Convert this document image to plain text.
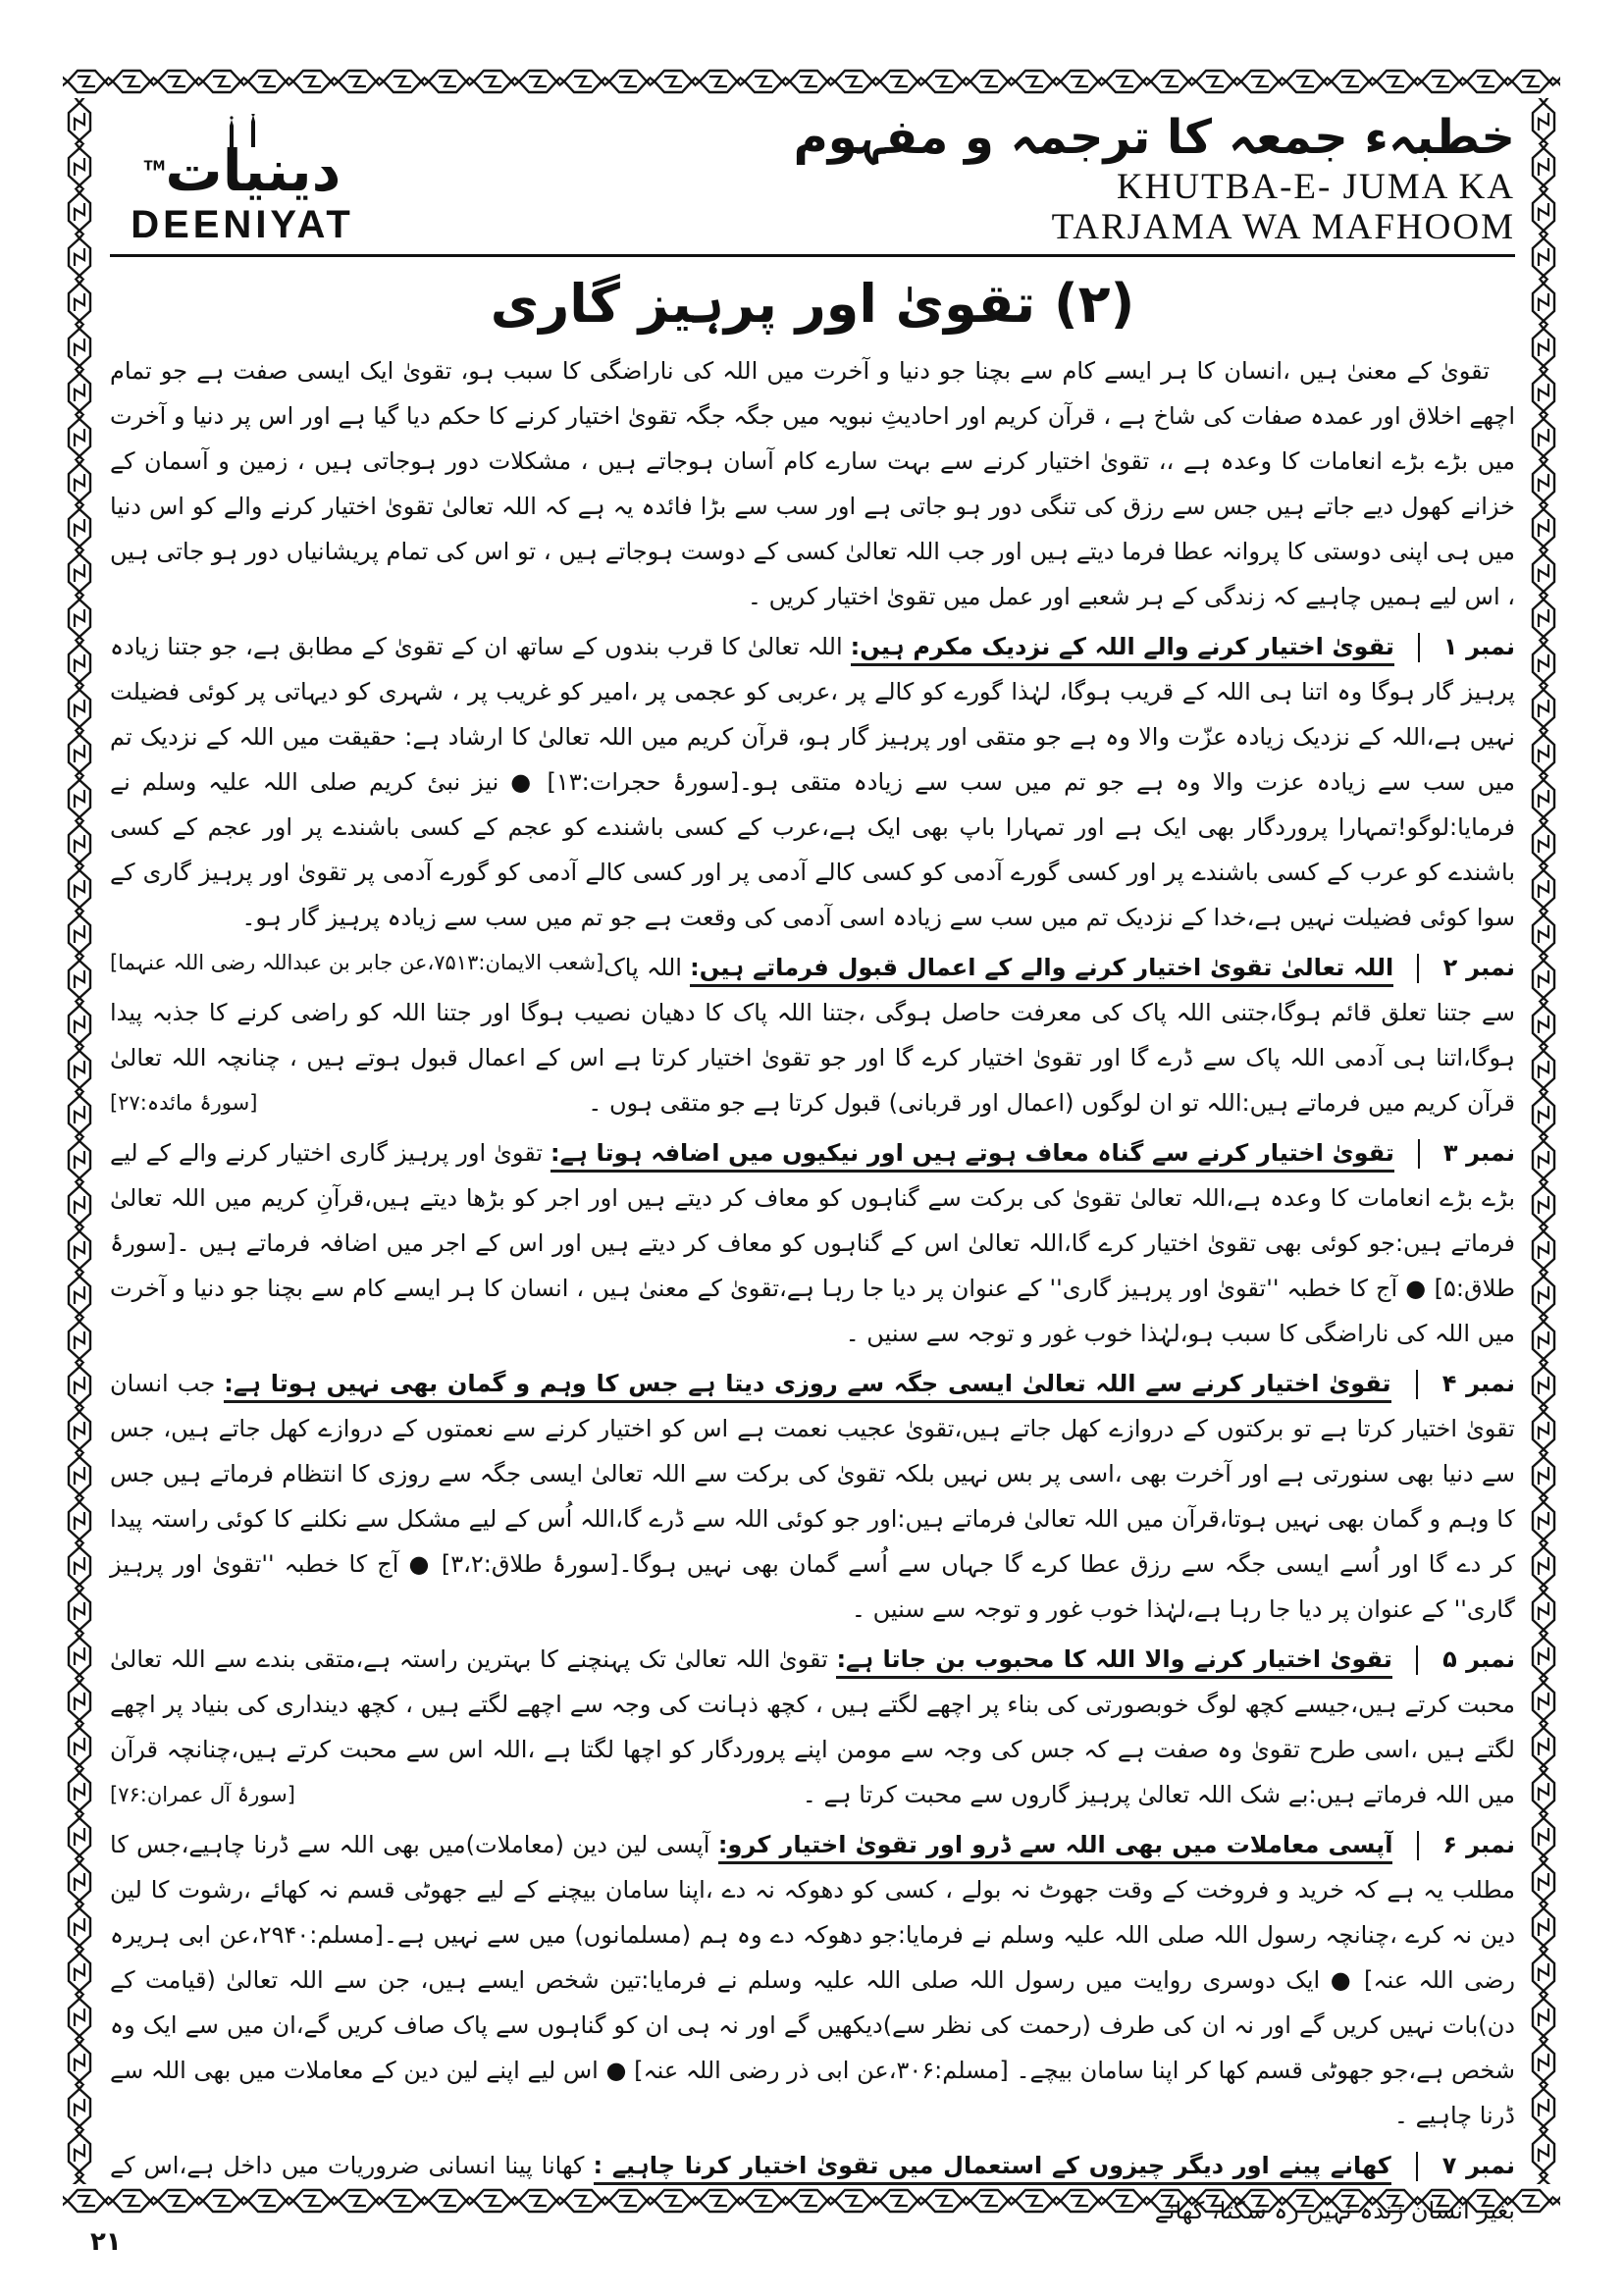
دینیات™
DEENIYAT
خطبہء جمعہ کا ترجمہ و مفہوم
KHUTBA-E- JUMA KA
TARJAMA WA MAFHOOM
(۲) تقویٰ اور پرہیز گاری

تقویٰ کے معنیٰ ہیں ،انسان کا ہر ایسے کام سے بچنا جو دنیا و آخرت میں اللہ کی ناراضگی کا سبب ہو، تقویٰ ایک ایسی صفت ہے جو تمام اچھے اخلاق اور عمدہ صفات کی شاخ ہے ، قرآن کریم اور احادیثِ نبویہ میں جگہ جگہ تقویٰ اختیار کرنے کا حکم دیا گیا ہے اور اس پر دنیا و آخرت میں بڑے بڑے انعامات کا وعدہ ہے ،، تقویٰ اختیار کرنے سے بہت سارے کام آسان ہوجاتے ہیں ، مشکلات دور ہوجاتی ہیں ، زمین و آسمان کے خزانے کھول دیے جاتے ہیں جس سے رزق کی تنگی دور ہو جاتی ہے اور سب سے بڑا فائدہ یہ ہے کہ اللہ تعالیٰ تقویٰ اختیار کرنے والے کو اس دنیا میں ہی اپنی دوستی کا پروانہ عطا فرما دیتے ہیں اور جب اللہ تعالیٰ کسی کے دوست ہوجاتے ہیں ، تو اس کی تمام پریشانیاں دور ہو جاتی ہیں ، اس لیے ہمیں چاہیے کہ زندگی کے ہر شعبے اور عمل میں تقویٰ اختیار کریں ۔

نمبر ۱  تقویٰ اختیار کرنے والے اللہ کے نزدیک مکرم ہیں: اللہ تعالیٰ کا قرب بندوں کے ساتھ ان کے تقویٰ کے مطابق ہے، جو جتنا زیادہ پرہیز گار ہوگا وہ اتنا ہی اللہ کے قریب ہوگا، لہٰذا گورے کو کالے پر ،عربی کو عجمی پر ،امیر کو غریب پر ، شہری کو دیہاتی پر کوئی فضیلت نہیں ہے،اللہ کے نزدیک زیادہ عزّت والا وہ ہے جو متقی اور پرہیز گار ہو، قرآن کریم میں اللہ تعالیٰ کا ارشاد ہے: حقیقت میں اللہ کے نزدیک تم میں سب سے زیادہ عزت والا وہ ہے جو تم میں سب سے زیادہ متقی ہو۔[سورۂ حجرات:۱۳] ● نیز نبیٔ کریم صلی اللہ علیہ وسلم نے فرمایا:لوگو!تمہارا پروردگار بھی ایک ہے اور تمہارا باپ بھی ایک ہے،عرب کے کسی باشندے کو عجم کے کسی باشندے پر اور عجم کے کسی باشندے کو عرب کے کسی باشندے پر اور کسی گورے آدمی کو کسی کالے آدمی پر اور کسی کالے آدمی کو گورے آدمی پر تقویٰ اور پرہیز گاری کے سوا کوئی فضیلت نہیں ہے،خدا کے نزدیک تم میں سب سے زیادہ اسی آدمی کی وقعت ہے جو تم میں سب سے زیادہ پرہیز گار ہو۔
[شعب الایمان:۷۵۱۳،عن جابر بن عبداللہ رضی اللہ عنہما]	نمبر ۲  اللہ تعالیٰ تقویٰ اختیار کرنے والے کے اعمال قبول فرماتے ہیں: اللہ پاک سے جتنا تعلق قائم ہوگا،جتنی اللہ پاک کی معرفت حاصل ہوگی ،جتنا اللہ پاک کا دھیان نصیب ہوگا اور جتنا اللہ کو راضی کرنے کا جذبہ پیدا ہوگا،اتنا ہی آدمی اللہ پاک سے ڈرے گا اور تقویٰ اختیار کرے گا اور جو تقویٰ اختیار کرتا ہے اس کے اعمال قبول ہوتے ہیں ، چنانچہ اللہ تعالیٰ قرآن کریم میں فرماتے ہیں:اللہ تو ان لوگوں (اعمال اور قربانی) قبول کرتا ہے جو متقی ہوں ۔
[سورۂ مائدہ:۲۷]

نمبر ۳  تقویٰ اختیار کرنے سے گناہ معاف ہوتے ہیں اور نیکیوں میں اضافہ ہوتا ہے: تقویٰ اور پرہیز گاری اختیار کرنے والے کے لیے بڑے بڑے انعامات کا وعدہ ہے،اللہ تعالیٰ تقویٰ کی برکت سے گناہوں کو معاف کر دیتے ہیں اور اجر کو بڑھا دیتے ہیں،قرآنِ کریم میں اللہ تعالیٰ فرماتے ہیں:جو کوئی بھی تقویٰ اختیار کرے گا،اللہ تعالیٰ اس کے گناہوں کو معاف کر دیتے ہیں اور اس کے اجر میں اضافہ فرماتے ہیں ۔[سورۂ طلاق:۵] ● آج کا خطبہ ''تقویٰ اور پرہیز گاری'' کے عنوان پر دیا جا رہا ہے،تقویٰ کے معنیٰ ہیں ، انسان کا ہر ایسے کام سے بچنا جو دنیا و آخرت میں اللہ کی ناراضگی کا سبب ہو،لہٰذا خوب غور و توجہ سے سنیں ۔

نمبر ۴  تقویٰ اختیار کرنے سے اللہ تعالیٰ ایسی جگہ سے روزی دیتا ہے جس کا وہم و گمان بھی نہیں ہوتا ہے: جب انسان تقویٰ اختیار کرتا ہے تو برکتوں کے دروازے کھل جاتے ہیں،تقویٰ عجیب نعمت ہے اس کو اختیار کرنے سے نعمتوں کے دروازے کھل جاتے ہیں، جس سے دنیا بھی سنورتی ہے اور آخرت بھی ،اسی پر بس نہیں بلکہ تقویٰ کی برکت سے اللہ تعالیٰ ایسی جگہ سے روزی کا انتظام فرماتے ہیں جس کا وہم و گمان بھی نہیں ہوتا،قرآن میں اللہ تعالیٰ فرماتے ہیں:اور جو کوئی اللہ سے ڈرے گا،اللہ اُس کے لیے مشکل سے نکلنے کا کوئی راستہ پیدا کر دے گا اور اُسے ایسی جگہ سے رزق عطا کرے گا جہاں سے اُسے گمان بھی نہیں ہوگا۔[سورۂ طلاق:۳،۲] ● آج کا خطبہ ''تقویٰ اور پرہیز گاری'' کے عنوان پر دیا جا رہا ہے،لہٰذا خوب غور و توجہ سے سنیں ۔

نمبر ۵  تقویٰ اختیار کرنے والا اللہ کا محبوب بن جاتا ہے: تقویٰ اللہ تعالیٰ تک پہنچنے کا بہترین راستہ ہے،متقی بندے سے اللہ تعالیٰ محبت کرتے ہیں،جیسے کچھ لوگ خوبصورتی کی بناء پر اچھے لگتے ہیں ، کچھ ذہانت کی وجہ سے اچھے لگتے ہیں ، کچھ دینداری کی بنیاد پر اچھے لگتے ہیں ،اسی طرح تقویٰ وہ صفت ہے کہ جس کی وجہ سے مومن اپنے پروردگار کو اچھا لگتا ہے ،اللہ اس سے محبت کرتے ہیں،چنانچہ قرآن میں اللہ فرماتے ہیں:بے شک اللہ تعالیٰ پرہیز گاروں سے محبت کرتا ہے ۔
[سورۂ آل عمران:۷۶]

نمبر ۶  آپسی معاملات میں بھی اللہ سے ڈرو اور تقویٰ اختیار کرو: آپسی لین دین (معاملات)میں بھی اللہ سے ڈرنا چاہیے،جس کا مطلب یہ ہے کہ خرید و فروخت کے وقت جھوٹ نہ بولے ، کسی کو دھوکہ نہ دے ،اپنا سامان بیچنے کے لیے جھوٹی قسم نہ کھائے ،رشوت کا لین دین نہ کرے ،چنانچہ رسول اللہ صلی اللہ علیہ وسلم نے فرمایا:جو دھوکہ دے وہ ہم (مسلمانوں) میں سے نہیں ہے۔[مسلم:۲۹۴۰،عن ابی ہریرہ رضی اللہ عنہ] ● ایک دوسری روایت میں رسول اللہ صلی اللہ علیہ وسلم نے فرمایا:تین شخص ایسے ہیں، جن سے اللہ تعالیٰ (قیامت کے دن)بات نہیں کریں گے اور نہ ان کی طرف (رحمت کی نظر سے)دیکھیں گے اور نہ ہی ان کو گناہوں سے پاک صاف کریں گے،ان میں سے ایک وہ شخص ہے،جو جھوٹی قسم کھا کر اپنا سامان بیچے۔ [مسلم:۳۰۶،عن ابی ذر رضی اللہ عنہ] ● اس لیے اپنے لین دین کے معاملات میں بھی اللہ سے ڈرنا چاہیے ۔

نمبر ۷  کھانے پینے اور دیگر چیزوں کے استعمال میں تقویٰ اختیار کرنا چاہیے : کھانا پینا انسانی ضروریات میں داخل ہے،اس کے بغیر انسان زندہ نہیں رہ سکتا، کھانے

۲۱
